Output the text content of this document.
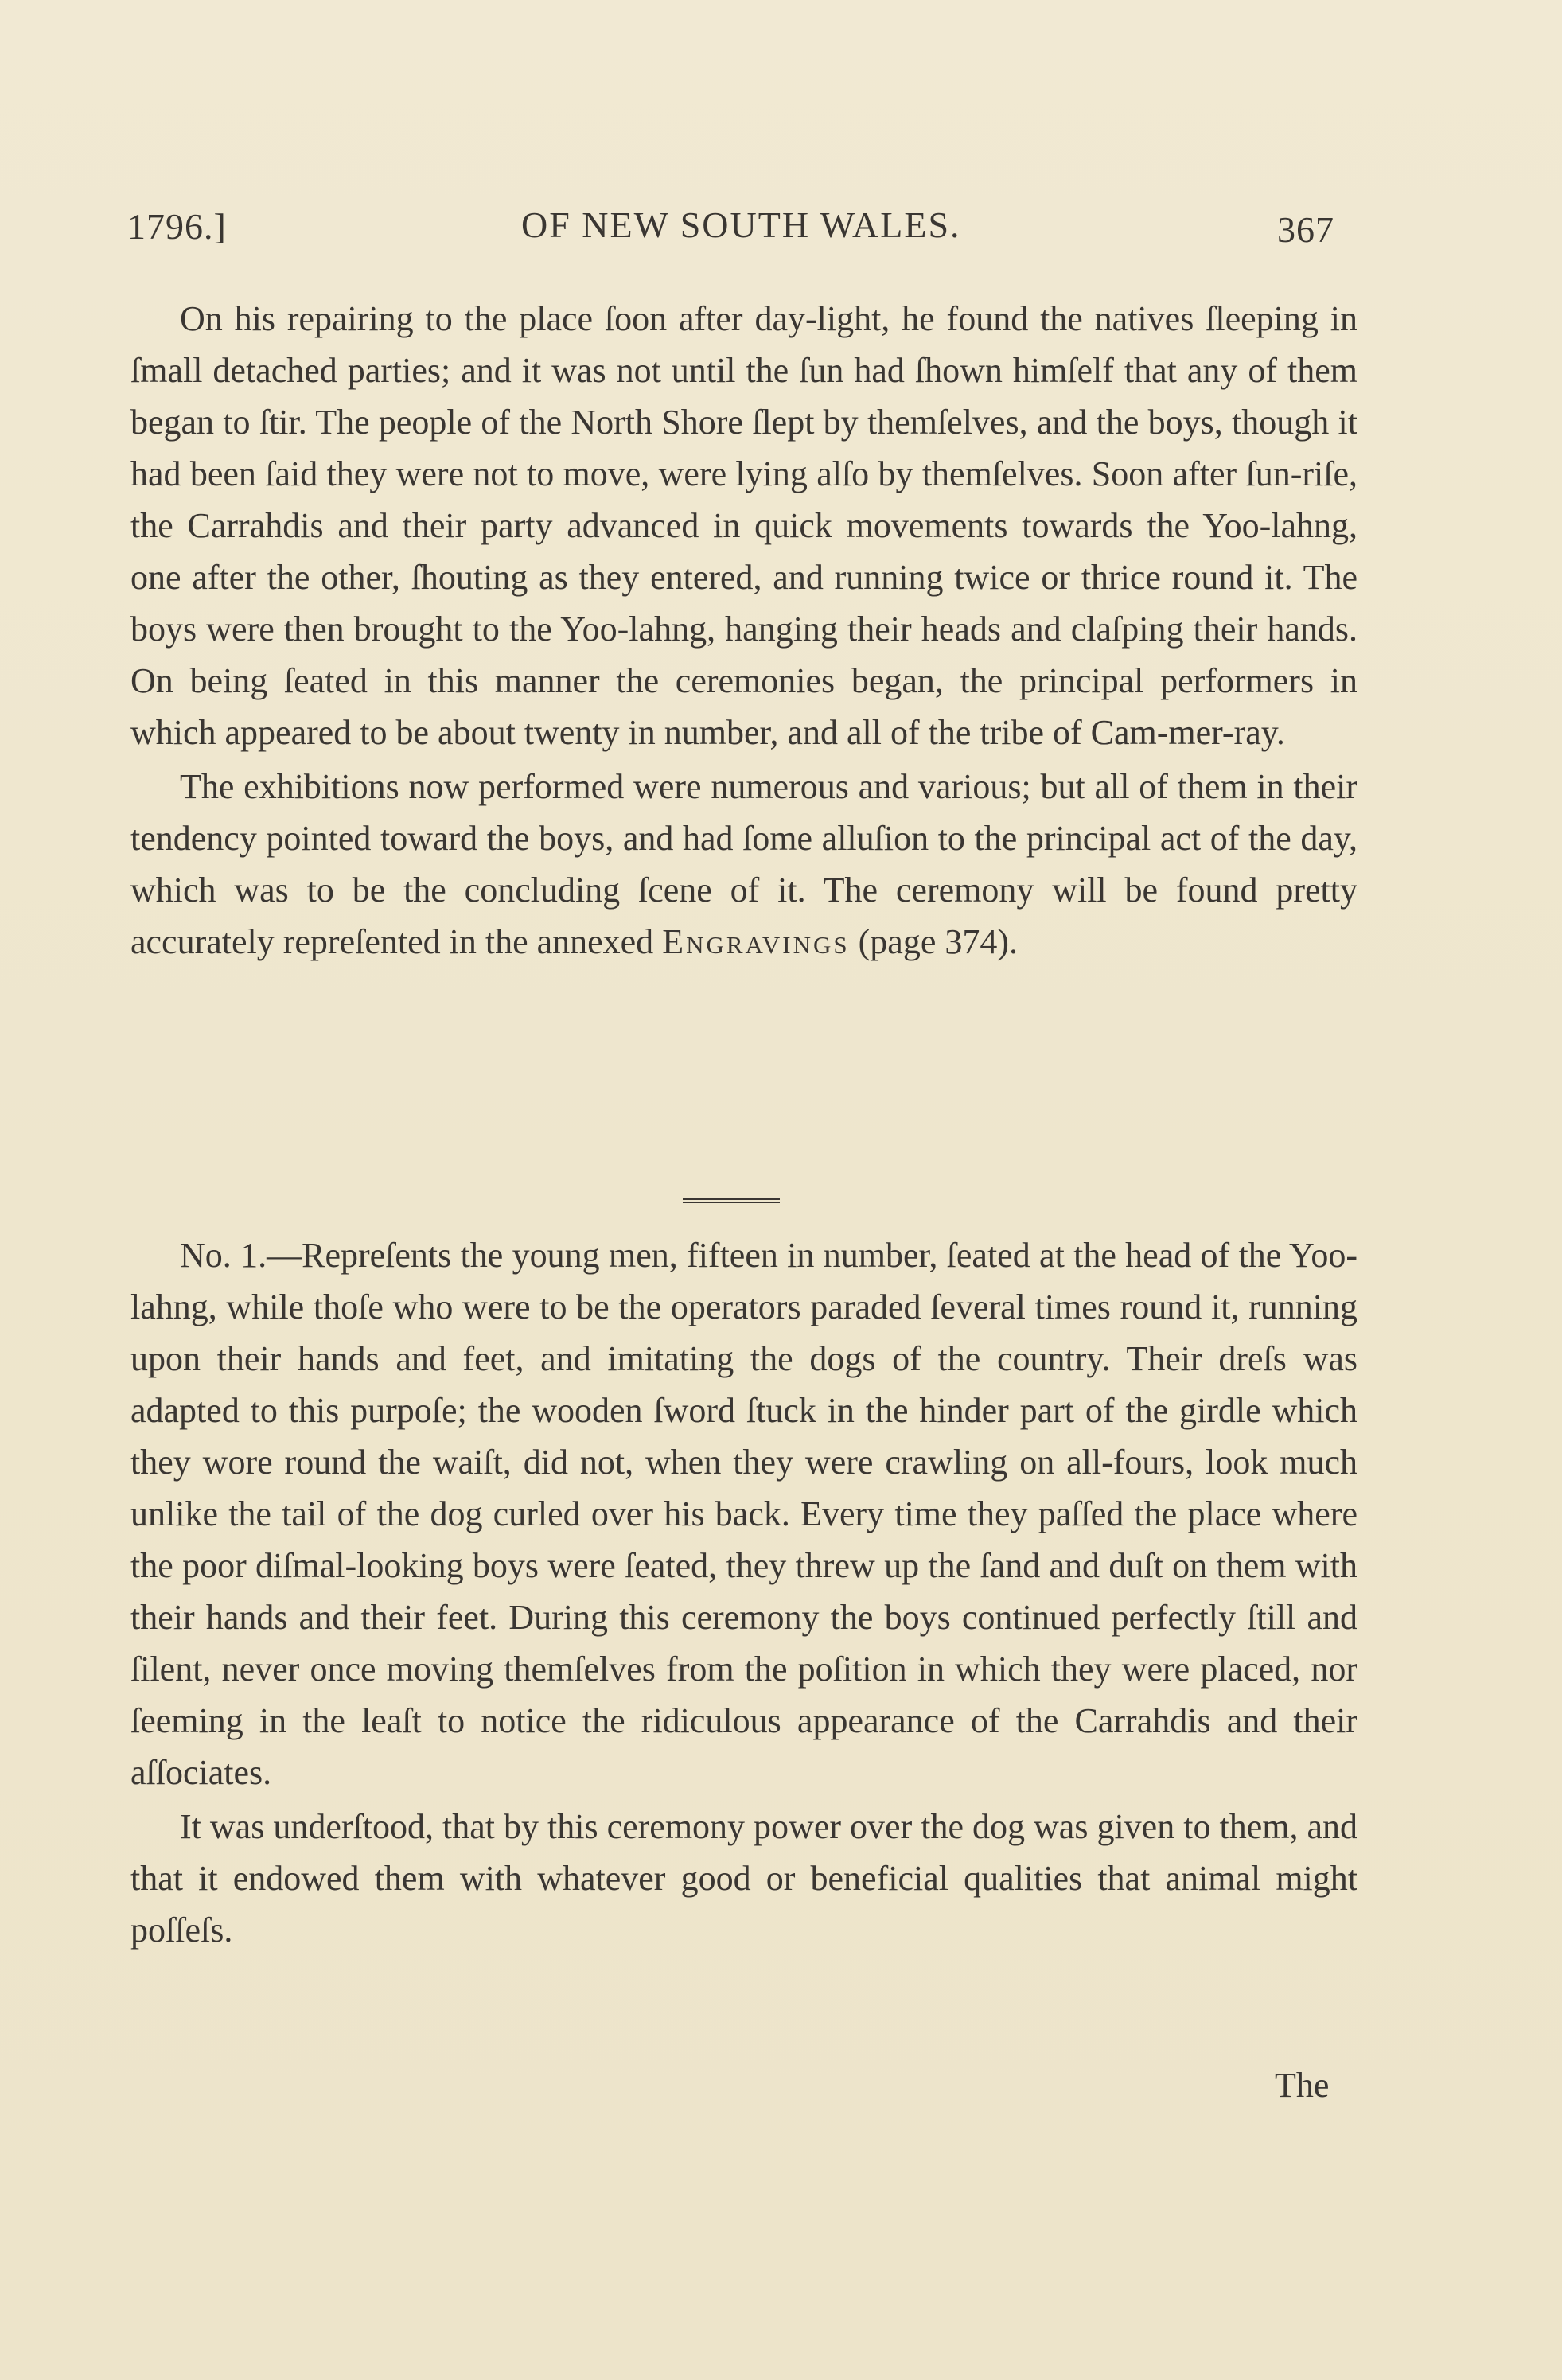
1796.]	OF NEW SOUTH WALES.	367

On his repairing to the place ſoon after day-light, he found the natives ſleeping in ſmall detached parties; and it was not until the ſun had ſhown himſelf that any of them began to ſtir. The people of the North Shore ſlept by themſelves, and the boys, though it had been ſaid they were not to move, were lying alſo by themſelves. Soon after ſun-riſe, the Carrahdis and their party advanced in quick movements towards the Yoo-lahng, one after the other, ſhouting as they entered, and running twice or thrice round it. The boys were then brought to the Yoo-lahng, hanging their heads and claſping their hands. On being ſeated in this manner the ceremonies began, the principal performers in which appeared to be about twenty in number, and all of the tribe of Cam-mer-ray.

The exhibitions now performed were numerous and various; but all of them in their tendency pointed toward the boys, and had ſome alluſion to the principal act of the day, which was to be the concluding ſcene of it. The ceremony will be found pretty accurately repreſented in the annexed Engravings (page 374).

No. 1.—Repreſents the young men, fifteen in number, ſeated at the head of the Yoo-lahng, while thoſe who were to be the operators paraded ſeveral times round it, running upon their hands and feet, and imitating the dogs of the country. Their dreſs was adapted to this purpoſe; the wooden ſword ſtuck in the hinder part of the girdle which they wore round the waiſt, did not, when they were crawling on all-fours, look much unlike the tail of the dog curled over his back. Every time they paſſed the place where the poor diſmal-looking boys were ſeated, they threw up the ſand and duſt on them with their hands and their feet. During this ceremony the boys continued perfectly ſtill and ſilent, never once moving themſelves from the poſition in which they were placed, nor ſeeming in the leaſt to notice the ridiculous appearance of the Carrahdis and their aſſociates.

It was underſtood, that by this ceremony power over the dog was given to them, and that it endowed them with whatever good or beneficial qualities that animal might poſſeſs.

The
